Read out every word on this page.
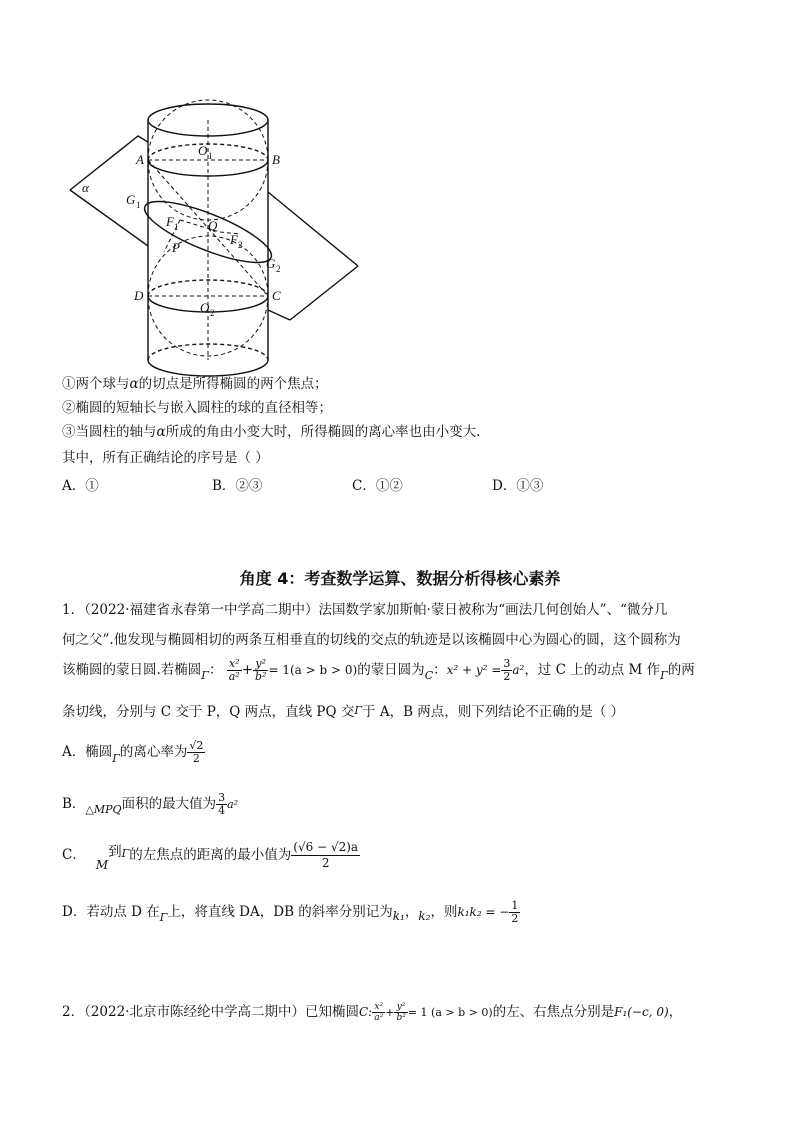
A	B
D	C
O 1
O 2
G 1
G 2
F 1
F 2
Q
P
α
①两个球与α的切点是所得椭圆的两个焦点；
②椭圆的短轴长与嵌入圆柱的球的直径相等；
③当圆柱的轴与α所成的角由小变大时，所得椭圆的离心率也由小变大.
其中，所有正确结论的序号是（ ）
A．①	B．②③	C．①②	D．①③
角度 4：考查数学运算、数据分析得核心素养
1．（2022·福建省永春第一中学高二期中）法国数学家加斯帕·蒙日被称为“画法几何创始人”、“微分几
何之父”.他发现与椭圆相切的两条互相垂直的切线的交点的轨迹是以该椭圆中心为圆心的圆，这个圆称为
该椭圆的蒙日圆.若椭圆$_\Gamma$： $\frac{\text{x²}}{\text{a²}} + \frac{\text{y²}}{\text{b²}} = 1(a > b > 0)$的蒙日圆为$_C$：$x^2 + y^2 = \frac{3}{2} a^2$，过 C 上的动点 M 作$_\Gamma$的两
条切线，分别与 C 交于 P，Q 两点，直线 PQ 交Γ于 A，B 两点，则下列结论不正确的是（ ）
A．椭圆$_\Gamma$的离心率为 $\frac{√2}{2}$
B．$_{\triangle MPQ}$面积的最大值为 $\frac{3}{4} a^2$
C．M到Γ的左焦点的距离的最小值为 $\frac{(√6 - √2)a}{2}$
D．若动点 D 在$_\Gamma$上，将直线 DA，DB 的斜率分别记为k₁，k₂，则k₁k₂ = − $\frac{1}{2}$
2．（2022·北京市陈经纶中学高二期中）已知椭圆C: $\frac{\text{x²}}{\text{a²}} + \frac{\text{y²}}{\text{b²}} = 1$ (a > b > 0)的左、右焦点分别是F₁(−c, 0)，
